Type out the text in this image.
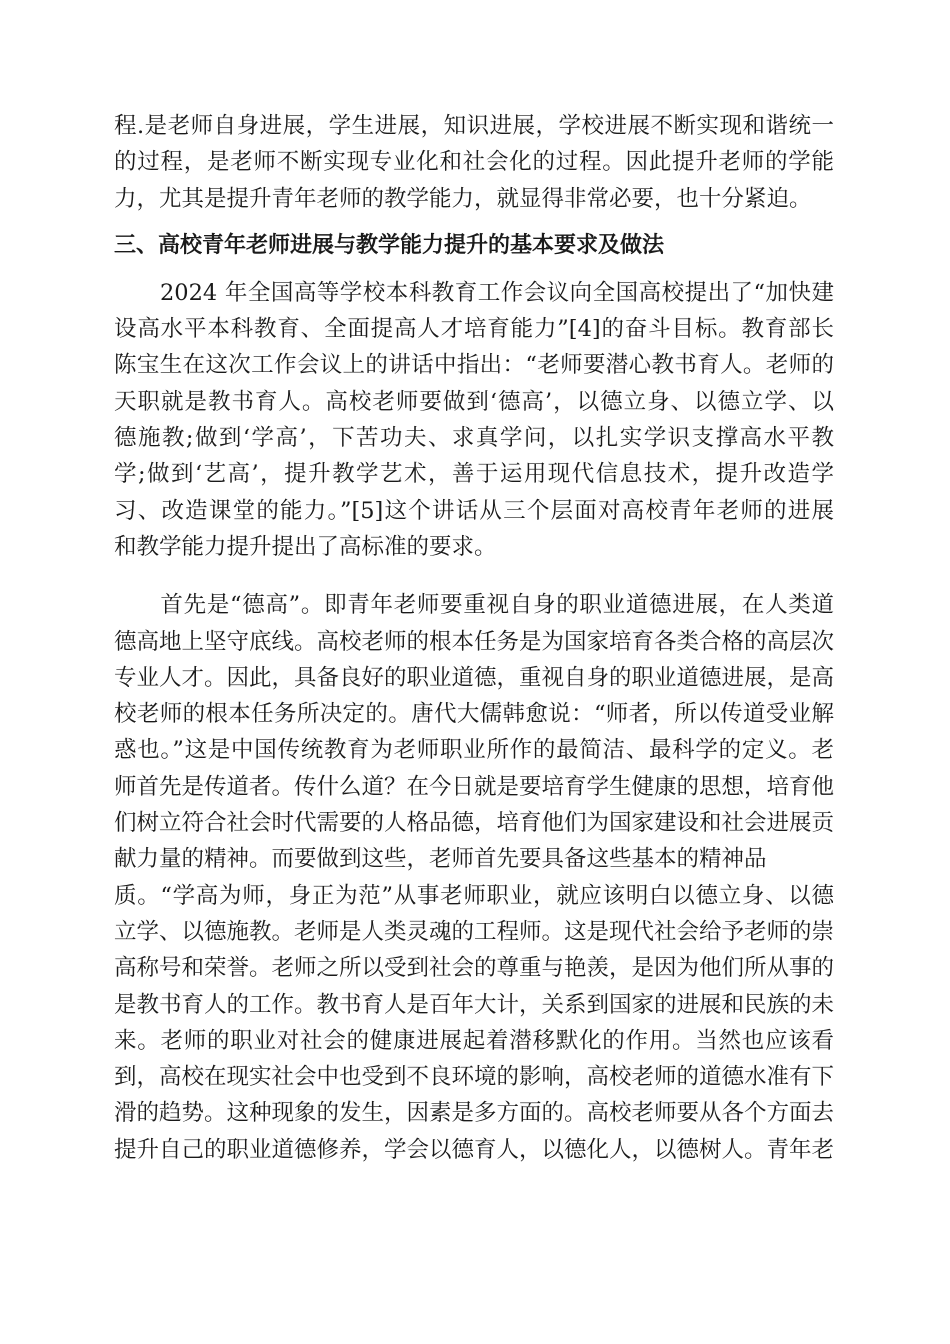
程.是老师自身进展，学生进展，知识进展，学校进展不断实现和谐统一
的过程，是老师不断实现专业化和社会化的过程。因此提升老师的学能
力，尤其是提升青年老师的教学能力，就显得非常必要，也十分紧迫。
三、高校青年老师进展与教学能力提升的基本要求及做法
　　2024 年全国高等学校本科教育工作会议向全国高校提出了“加快建
设高水平本科教育、全面提高人才培育能力”[4]的奋斗目标。教育部长
陈宝生在这次工作会议上的讲话中指出：“老师要潜心教书育人。老师的
天职就是教书育人。高校老师要做到‘德高’，以德立身、以德立学、以
德施教;做到‘学高’，下苦功夫、求真学问，以扎实学识支撑高水平教
学;做到‘艺高’，提升教学艺术，善于运用现代信息技术，提升改造学
习、改造课堂的能力。”[5]这个讲话从三个层面对高校青年老师的进展
和教学能力提升提出了高标准的要求。
　　首先是“德高”。即青年老师要重视自身的职业道德进展，在人类道
德高地上坚守底线。高校老师的根本任务是为国家培育各类合格的高层次
专业人才。因此，具备良好的职业道德，重视自身的职业道德进展，是高
校老师的根本任务所决定的。唐代大儒韩愈说：“师者，所以传道受业解
惑也。”这是中国传统教育为老师职业所作的最简洁、最科学的定义。老
师首先是传道者。传什么道？在今日就是要培育学生健康的思想，培育他
们树立符合社会时代需要的人格品德，培育他们为国家建设和社会进展贡
献力量的精神。而要做到这些，老师首先要具备这些基本的精神品
质。“学高为师，身正为范”从事老师职业，就应该明白以德立身、以德
立学、以德施教。老师是人类灵魂的工程师。这是现代社会给予老师的崇
高称号和荣誉。老师之所以受到社会的尊重与艳羡，是因为他们所从事的
是教书育人的工作。教书育人是百年大计，关系到国家的进展和民族的未
来。老师的职业对社会的健康进展起着潜移默化的作用。当然也应该看
到，高校在现实社会中也受到不良环境的影响，高校老师的道德水准有下
滑的趋势。这种现象的发生，因素是多方面的。高校老师要从各个方面去
提升自己的职业道德修养，学会以德育人，以德化人，以德树人。青年老
